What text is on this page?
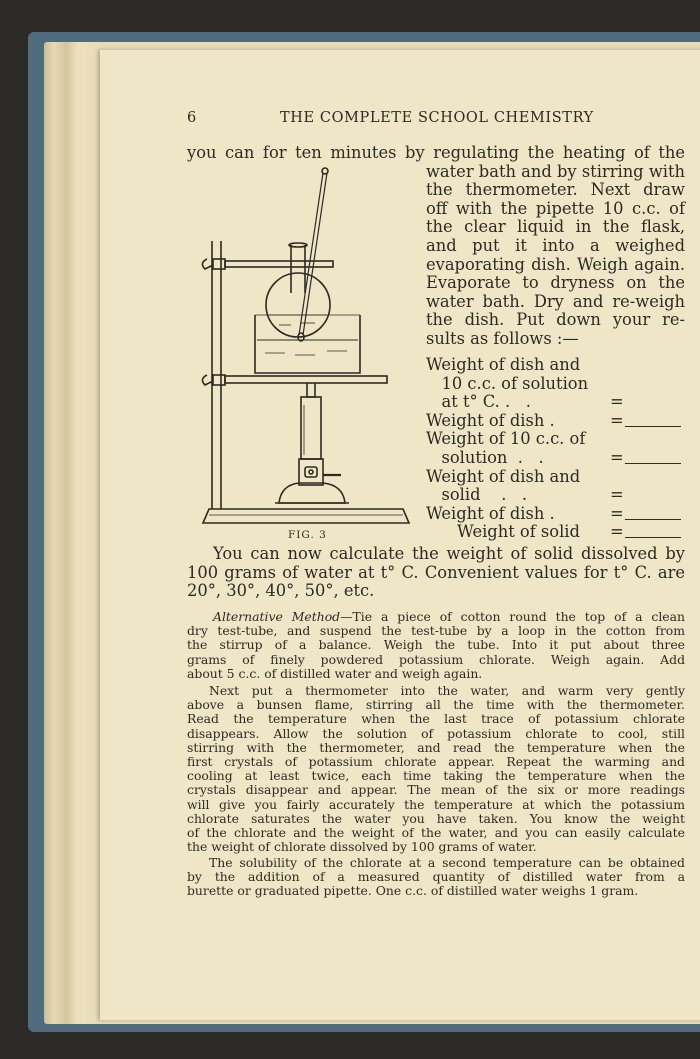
6	THE COMPLETE SCHOOL CHEMISTRY
you can for ten minutes by regulating the heating of the
water bath and by stirring with
the thermometer. Next draw
off with the pipette 10 c.c. of
the clear liquid in the flask,
and put it into a weighed
evaporating dish. Weigh again.
Evaporate to dryness on the
water bath. Dry and re-weigh
the dish. Put down your re-
sults as follows :—
FIG. 3
Weight of dish and
10 c.c. of solution
at t° C. .   .	=
Weight of dish .	=
Weight of 10 c.c. of
solution  .   .	=
Weight of dish and
solid    .   .	=
Weight of dish .	=
Weight of solid =
You can now calculate the weight of solid dissolved by
100 grams of water at t° C. Convenient values for t° C. are
20°, 30°, 40°, 50°, etc.
Alternative Method—Tie a piece of cotton round the top of a clean
dry test-tube, and suspend the test-tube by a loop in the cotton from
the stirrup of a balance. Weigh the tube. Into it put about three
grams of finely powdered potassium chlorate. Weigh again. Add
about 5 c.c. of distilled water and weigh again.
Next put a thermometer into the water, and warm very gently
above a bunsen flame, stirring all the time with the thermometer.
Read the temperature when the last trace of potassium chlorate
disappears. Allow the solution of potassium chlorate to cool, still
stirring with the thermometer, and read the temperature when the
first crystals of potassium chlorate appear. Repeat the warming and
cooling at least twice, each time taking the temperature when the
crystals disappear and appear. The mean of the six or more readings
will give you fairly accurately the temperature at which the potassium
chlorate saturates the water you have taken. You know the weight
of the chlorate and the weight of the water, and you can easily calculate
the weight of chlorate dissolved by 100 grams of water.
The solubility of the chlorate at a second temperature can be obtained
by the addition of a measured quantity of distilled water from a
burette or graduated pipette. One c.c. of distilled water weighs 1 gram.
